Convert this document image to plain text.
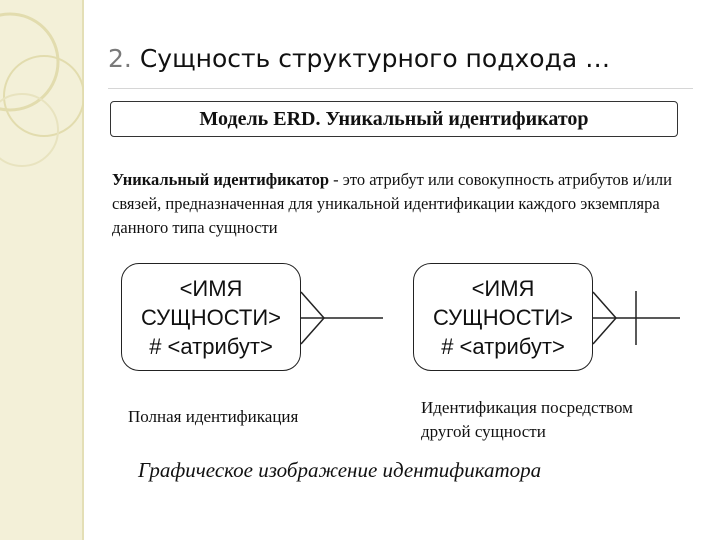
2. Сущность структурного подхода …
Модель ERD. Уникальный идентификатор
Уникальный идентификатор - это атрибут или совокупность атрибутов и/или связей, предназначенная для уникальной идентификации каждого экземпляра данного типа сущности
<ИМЯ
СУЩНОСТИ>
# <атрибут>
<ИМЯ
СУЩНОСТИ>
# <атрибут>
Полная идентификация	Идентификация посредством
другой сущности
Графическое изображение идентификатора
